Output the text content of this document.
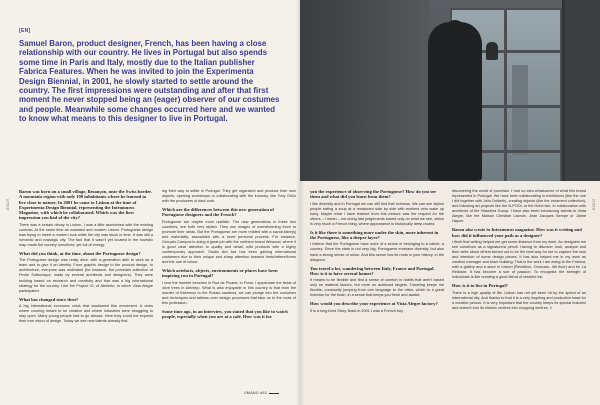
EXD19	EXD19
[EN]

Samuel Baron, product designer, French, has been having a close relationship with our country. He lives in Portugal but also spends some time in Paris and Italy, mostly due to the Italian publisher Fabrica Features. When he was invited to join the Experimenta Design Biennial, in 2001, he slowly started to settle around the country. The first impressions were outstanding and after that first moment he never stopped being an (eager) observer of our costumes and people. Meanwhile some changes occurred here and we wanted to know what means to this designer to live in Portugal.

Baron was born on a small village, Besançon, near the Swiss border. A mountain region with only 100 inhabitants where he learned to live close to nature. In 2001 he came to Lisbon at the time of Experimenta Design Biennial, representing the Intramuros Magazine, with which he collaborated. Which was the first impression you had of the city?

There was a certain decay in Lisbon. I was a little astonished with the existing contrast. At the same time an outdated and modern Lisbon. Portuguese design was trying to insert a modern look while the city was stuck in time. It was still a romantic and nostalgic city. The fact that it wasn't yet located in the touristic map made the country unnoticed, yet full of energy.

What did you think, at the time, about the Portuguese design?

The Portuguese design was really alive, with a generation able to work as a team and to give it an identity. From graphic design to the product design, to architecture, everyone was motivated (for instance, the porcelain collection of Pedro Sottomayor, made by several architects and designers). They were building based on research and creativity and that was a big international strategy for the country. Like the Project OI, of Atelierto, in which Vista Alegre participated.

What has changed since then?

A big international economic crisis that swallowed this movement. A crisis where cunning meant to be creative and where industries were struggling to stay open. Many young people had to go abroad. Here they could not express their true vision of design. Today we see new talents already find-

ing their way to settle in Portugal. They get organized and produce their own objects, opening workshops or collaborating with the industry, like Tony Grillo with the producers of dark cork.

Which are the differences between this new generation of Portuguese designers and the French?

Portuguese are maybe more realistic. The new generations in these two countries, are both very stylish. They use images of overwhelming force to promote their ideas. But the Portuguese are more related with a savoir-faire(s) and materiality, associated with a more personal process. For instance, Gonçalo Campos is doing a great job with the northern brand Wewood, where it is good clear attention to quality and detail, with products with a highly contemporary approach. Studio Ara Ara has been gaining international customers due to their unique and sharp attention towards fonts/letters/forms and the use of colour.

Which artefacts, objects, environments or places have been inspiring you in Portugal?

I love the humble benches in Rua de Picaria, in Porto. I appreciate the fields of olive trees in Alentejo. What is also enjoyable in this country is that from the murder of Estremoz to the Rossio sardines, we can plunge into the costumes and techniques and tableau-over design processes that take us to the roots of this profession.

Some time ago, in an interview, you stated that you like to watch people, especially when you are at a café. How was it for

you the experience of observing the Portuguese? How do you see them and what did you learn from them?

I like diversity and in Portugal we can still find that richness. We can see stylish people eating a soup at a restaurant side by side with workers who wake up early. Maybe what I have learned from this mixture was the respect for the others – I mean – not doing fast judgements based only on what we see, which is very much a French thing, where appearance is historically deep-rooted.

Is it like there is something more under the skin, more inherent in the Portuguese, like a deeper layer?

I believe that the Portuguese have more of a sense of belonging to a nation, a country. Since the state is not very big, Portuguese embrace diversity, but also have a strong sense of union. And this sense has its roots in your history, in the diaspora.

You travel a lot, wandering between Italy, France and Portugal. How is it to have several homes?

It means to be flexible and find a sense of comfort in habits that aren't based only on material factors, but more on achieved targets. Traveling keeps me flexible, constantly jumping from one language to the other, which is a great exercise for the brain, in a sense that keeps you fresh and awake.

How would you describe your experience at Vista Alegre factory?

It is a long lived Story. Back in 2001 I was a French boy

discovering the world of porcelain. I had no idea whatsoever of what this brand represented in Portugal. We have been collaborating in exhibitions (like the one I did together with Julio Dolbeth), creating objects (like the ornament collection), and following art projects like the B-POOL or the Hotel Isle, in collaboration with architects of the Vilaoleira Group. I have also been introducing talents to Vista Alegre, like the Maison Christian Lacroix, Jean Jacques Sempé or Jaime Hayon.

Baron also wrote to Intramuros magazine. How was it writing and how did it influenced your path as a designer?

I think that writing helped me get some distance from my work. As designers we see ourselves as a signature/a pencil. Having to discover, look, analyse and then write about others turned out to be the best way for me to capture the soul and intention of some design pieces. It has also helped me in my work as creative manager and team building. That is the work I am doing to the Fabrica, with a gallery and a store in Lisbon (Rendition, Oroscaro, 4th floor) and for La Redoute. It has become a sort of passion. To recognise the strength of individuals is like creating a good blend of creative ink.

How is it to live in Portugal?

There is a high quality of life. Lisbon has not yet been hit by the speed of an international city. And thanks to that it is a very inspiring and productive base for a creative person. It is very important that the country keeps its special features and doesn't turn its historic centres into shopping centres. //

UMANO #63
